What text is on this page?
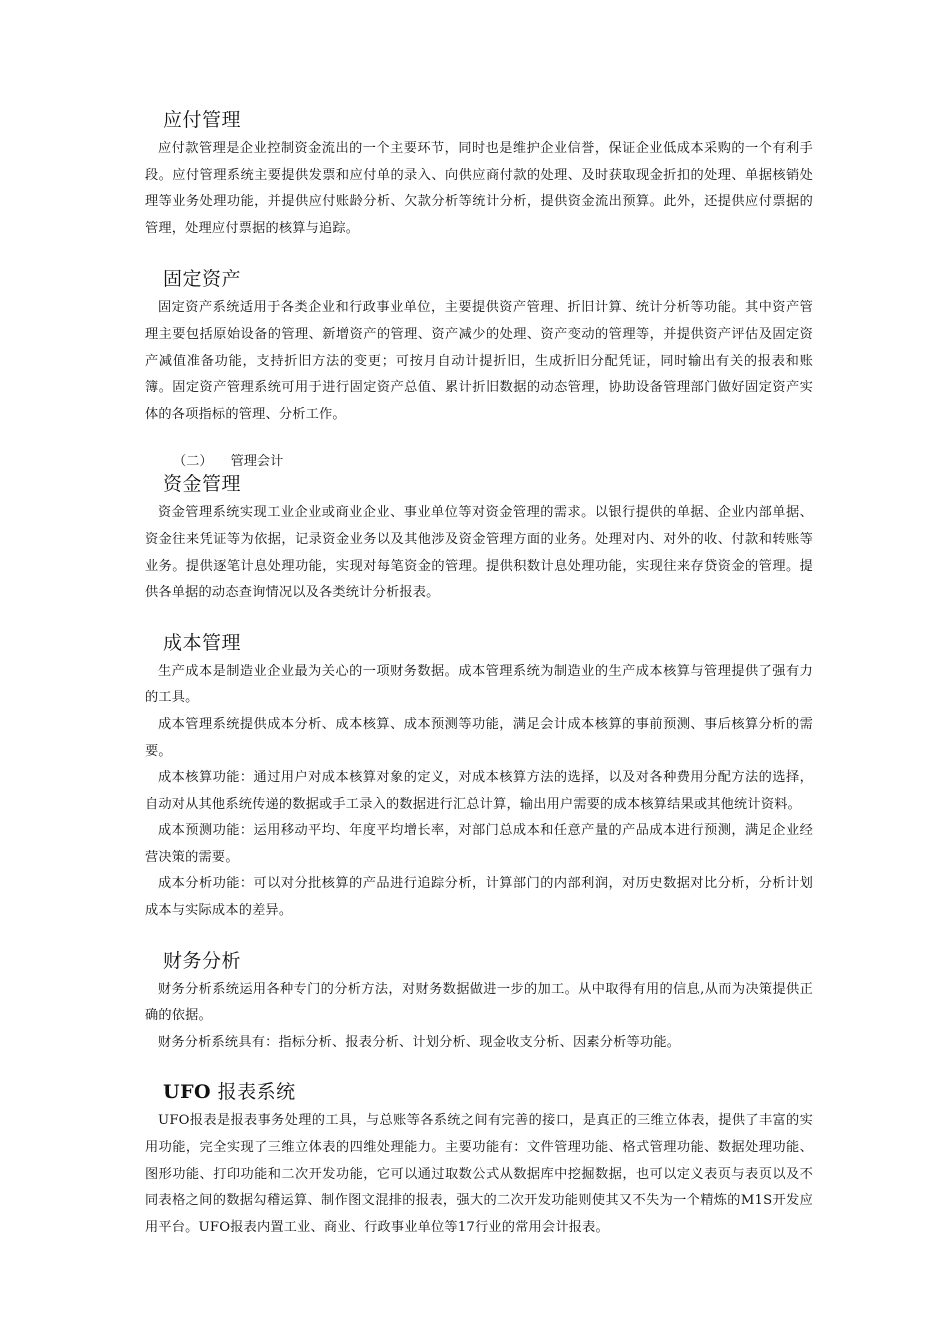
应付管理

应付款管理是企业控制资金流出的一个主要环节，同时也是维护企业信誉，保证企业低成本采购的一个有利手段。应付管理系统主要提供发票和应付单的录入、向供应商付款的处理、及时获取现金折扣的处理、单据核销处理等业务处理功能，并提供应付账龄分析、欠款分析等统计分析，提供资金流出预算。此外，还提供应付票据的管理，处理应付票据的核算与追踪。

固定资产

固定资产系统适用于各类企业和行政事业单位，主要提供资产管理、折旧计算、统计分析等功能。其中资产管理主要包括原始设备的管理、新增资产的管理、资产减少的处理、资产变动的管理等，并提供资产评估及固定资产减值准备功能，支持折旧方法的变更；可按月自动计提折旧，生成折旧分配凭证，同时输出有关的报表和账簿。固定资产管理系统可用于进行固定资产总值、累计折旧数据的动态管理，协助设备管理部门做好固定资产实体的各项指标的管理、分析工作。

（二） 管理会计
资金管理

资金管理系统实现工业企业或商业企业、事业单位等对资金管理的需求。以银行提供的单据、企业内部单据、资金往来凭证等为依据，记录资金业务以及其他涉及资金管理方面的业务。处理对内、对外的收、付款和转账等业务。提供逐笔计息处理功能，实现对每笔资金的管理。提供积数计息处理功能，实现往来存贷资金的管理。提供各单据的动态查询情况以及各类统计分析报表。

成本管理

生产成本是制造业企业最为关心的一项财务数据。成本管理系统为制造业的生产成本核算与管理提供了强有力的工具。

成本管理系统提供成本分析、成本核算、成本预测等功能，满足会计成本核算的事前预测、事后核算分析的需要。

成本核算功能：通过用户对成本核算对象的定义，对成本核算方法的选择，以及对各种费用分配方法的选择，自动对从其他系统传递的数据或手工录入的数据进行汇总计算，输出用户需要的成本核算结果或其他统计资料。

成本预测功能：运用移动平均、年度平均增长率，对部门总成本和任意产量的产品成本进行预测，满足企业经营决策的需要。

成本分析功能：可以对分批核算的产品进行追踪分析，计算部门的内部利润，对历史数据对比分析，分析计划成本与实际成本的差异。

财务分析

财务分析系统运用各种专门的分析方法，对财务数据做进一步的加工。从中取得有用的信息,从而为决策提供正确的依据。

财务分析系统具有：指标分析、报表分析、计划分析、现金收支分析、因素分析等功能。

UFO 报表系统

UFO报表是报表事务处理的工具，与总账等各系统之间有完善的接口，是真正的三维立体表，提供了丰富的实用功能，完全实现了三维立体表的四维处理能力。主要功能有：文件管理功能、格式管理功能、数据处理功能、图形功能、打印功能和二次开发功能，它可以通过取数公式从数据库中挖掘数据，也可以定义表页与表页以及不同表格之间的数据勾稽运算、制作图文混排的报表，强大的二次开发功能则使其又不失为一个精炼的M1S开发应用平台。UFO报表内置工业、商业、行政事业单位等17行业的常用会计报表。
